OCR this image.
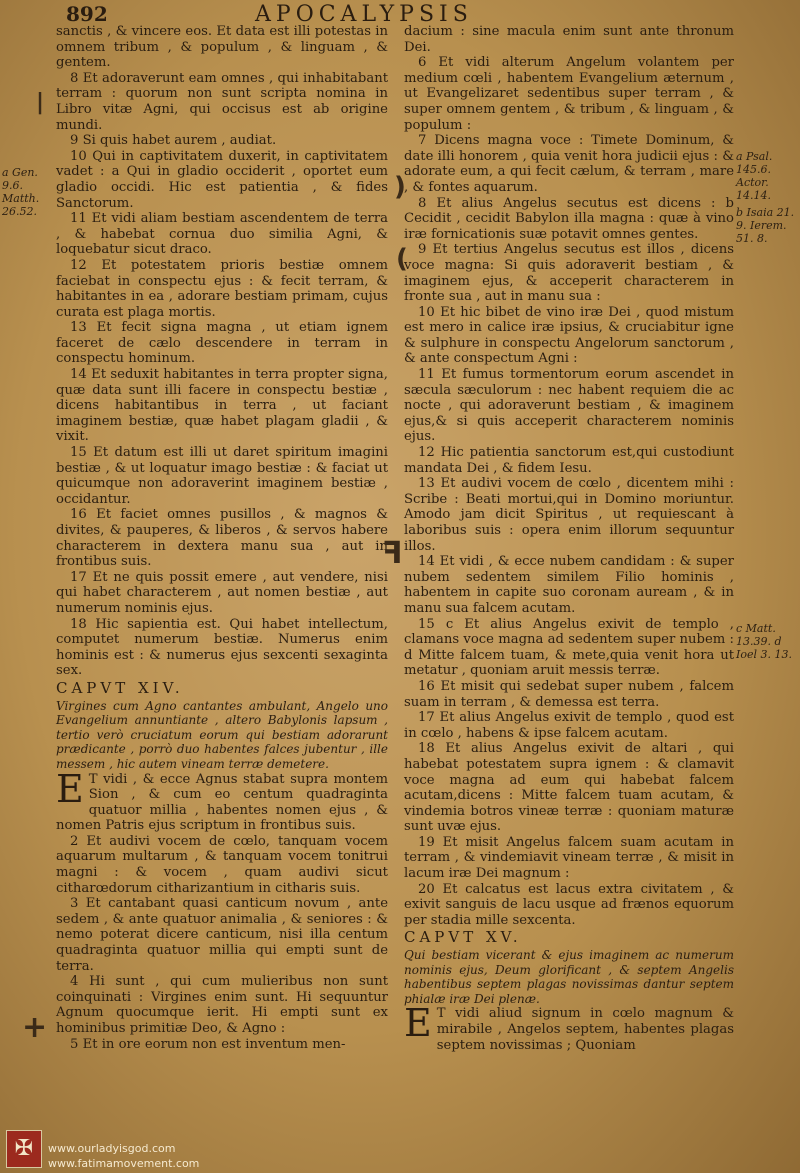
892	APOCALYPSIS

sanctis , & vincere eos. Et data est illi potestas in omnem tribum , & populum , & linguam , & gentem.

8 Et adoraverunt eam omnes , qui inhabitabant terram : quorum non sunt scripta nomina in Libro vitæ Agni, qui occisus est ab origine mundi.

9 Si quis habet aurem , audiat.

10 Qui in captivitatem duxerit, in captivitatem vadet : a Qui in gladio occiderit , oportet eum gladio occidi. Hic est patientia , & fides Sanctorum.

11 Et vidi aliam bestiam ascendentem de terra , & habebat cornua duo similia Agni, & loquebatur sicut draco.

12 Et potestatem prioris bestiæ omnem faciebat in conspectu ejus : & fecit terram, & habitantes in ea , adorare bestiam primam, cujus curata est plaga mortis.

13 Et fecit signa magna , ut etiam ignem faceret de cælo descendere in terram in conspectu hominum.

14 Et seduxit habitantes in terra propter signa, quæ data sunt illi facere in conspectu bestiæ , dicens habitantibus in terra , ut faciant imaginem bestiæ, quæ habet plagam gladii , & vixit.

15 Et datum est illi ut daret spiritum imagini bestiæ , & ut loquatur imago bestiæ : & faciat ut quicumque non adoraverint imaginem bestiæ , occidantur.

16 Et faciet omnes pusillos , & magnos & divites, & pauperes, & liberos , & servos habere characterem in dextera manu sua , aut in frontibus suis.

17 Et ne quis possit emere , aut vendere, nisi qui habet characterem , aut nomen bestiæ , aut numerum nominis ejus.

18 Hic sapientia est. Qui habet intellectum, computet numerum bestiæ. Numerus enim hominis est : & numerus ejus sexcenti sexaginta sex.

CAPVT XIV.

Virgines cum Agno cantantes ambulant, Angelo uno Evangelium annuntiante , altero Babylonis lapsum , tertio verò cruciatum eorum qui bestiam adorarunt prædicante , porrò duo habentes falces jubentur , ille messem , hic autem vineam terræ demetere.

E T vidi , & ecce Agnus stabat supra montem Sion , & cum eo centum quadraginta quatuor millia , habentes nomen ejus , & nomen Patris ejus scriptum in frontibus suis.

2 Et audivi vocem de cœlo, tanquam vocem aquarum multarum , & tanquam vocem tonitrui magni : & vocem , quam audivi sicut citharœdorum citharizantium in citharis suis.

3 Et cantabant quasi canticum novum , ante sedem , & ante quatuor animalia , & seniores : & nemo poterat dicere canticum, nisi illa centum quadraginta quatuor millia qui empti sunt de terra.

4 Hi sunt , qui cum mulieribus non sunt coinquinati : Virgines enim sunt. Hi sequuntur Agnum quocumque ierit. Hi empti sunt ex hominibus primitiæ Deo, & Agno :

5 Et in ore eorum non est inventum men-

dacium : sine macula enim sunt ante thronum Dei.

6 Et vidi alterum Angelum volantem per medium cœli , habentem Evangelium æternum , ut Evangelizaret sedentibus super terram , & super omnem gentem , & tribum , & linguam , & populum :

7 Dicens magna voce : Timete Dominum, & date illi honorem , quia venit hora judicii ejus : & adorate eum, a qui fecit cælum, & terram , mare , & fontes aquarum.

8 Et alius Angelus secutus est dicens : b Cecidit , cecidit Babylon illa magna : quæ à vino iræ fornicationis suæ potavit omnes gentes.

9 Et tertius Angelus secutus est illos , dicens voce magna: Si quis adoraverit bestiam , & imaginem ejus, & acceperit characterem in fronte sua , aut in manu sua :

10 Et hic bibet de vino iræ Dei , quod mistum est mero in calice iræ ipsius, & cruciabitur igne & sulphure in conspectu Angelorum sanctorum , & ante conspectum Agni :

11 Et fumus tormentorum eorum ascendet in sæcula sæculorum : nec habent requiem die ac nocte , qui adoraverunt bestiam , & imaginem ejus,& si quis acceperit characterem nominis ejus.

12 Hic patientia sanctorum est,qui custodiunt mandata Dei , & fidem Iesu.

13 Et audivi vocem de cœlo , dicentem mihi : Scribe : Beati mortui,qui in Domino moriuntur. Amodo jam dicit Spiritus , ut requiescant à laboribus suis : opera enim illorum sequuntur illos.

14 Et vidi , & ecce nubem candidam : & super nubem sedentem similem Filio hominis , habentem in capite suo coronam auream , & in manu sua falcem acutam.

15 c Et alius Angelus exivit de templo , clamans voce magna ad sedentem super nubem : d Mitte falcem tuam, & mete,quia venit hora ut metatur , quoniam aruit messis terræ.

16 Et misit qui sedebat super nubem , falcem suam in terram , & demessa est terra.

17 Et alius Angelus exivit de templo , quod est in cœlo , habens & ipse falcem acutam.

18 Et alius Angelus exivit de altari , qui habebat potestatem supra ignem : & clamavit voce magna ad eum qui habebat falcem acutam,dicens : Mitte falcem tuam acutam, & vindemia botros vineæ terræ : quoniam maturæ sunt uvæ ejus.

19 Et misit Angelus falcem suam acutam in terram , & vindemiavit vineam terræ , & misit in lacum iræ Dei magnum :

20 Et calcatus est lacus extra civitatem , & exivit sanguis de lacu usque ad frænos equorum per stadia mille sexcenta.

CAPVT XV.

Qui bestiam vicerant & ejus imaginem ac numerum nominis ejus, Deum glorificant , & septem Angelis habentibus septem plagas novissimas dantur septem phialæ iræ Dei plenæ.

E T vidi aliud signum in cœlo magnum & mirabile , Angelos septem, habentes plagas septem novissimas ; Quoniam

a Gen. 9.6. Matth. 26.52.
a Psal. 145.6. Actor. 14.14.
b Isaia 21. 9. Ierem. 51. 8.
c Matt. 13.39. d Ioel 3. 13.
|
)
(
ꟻ
+
✠	www.ourladyisgod.com
www.fatimamovement.com
